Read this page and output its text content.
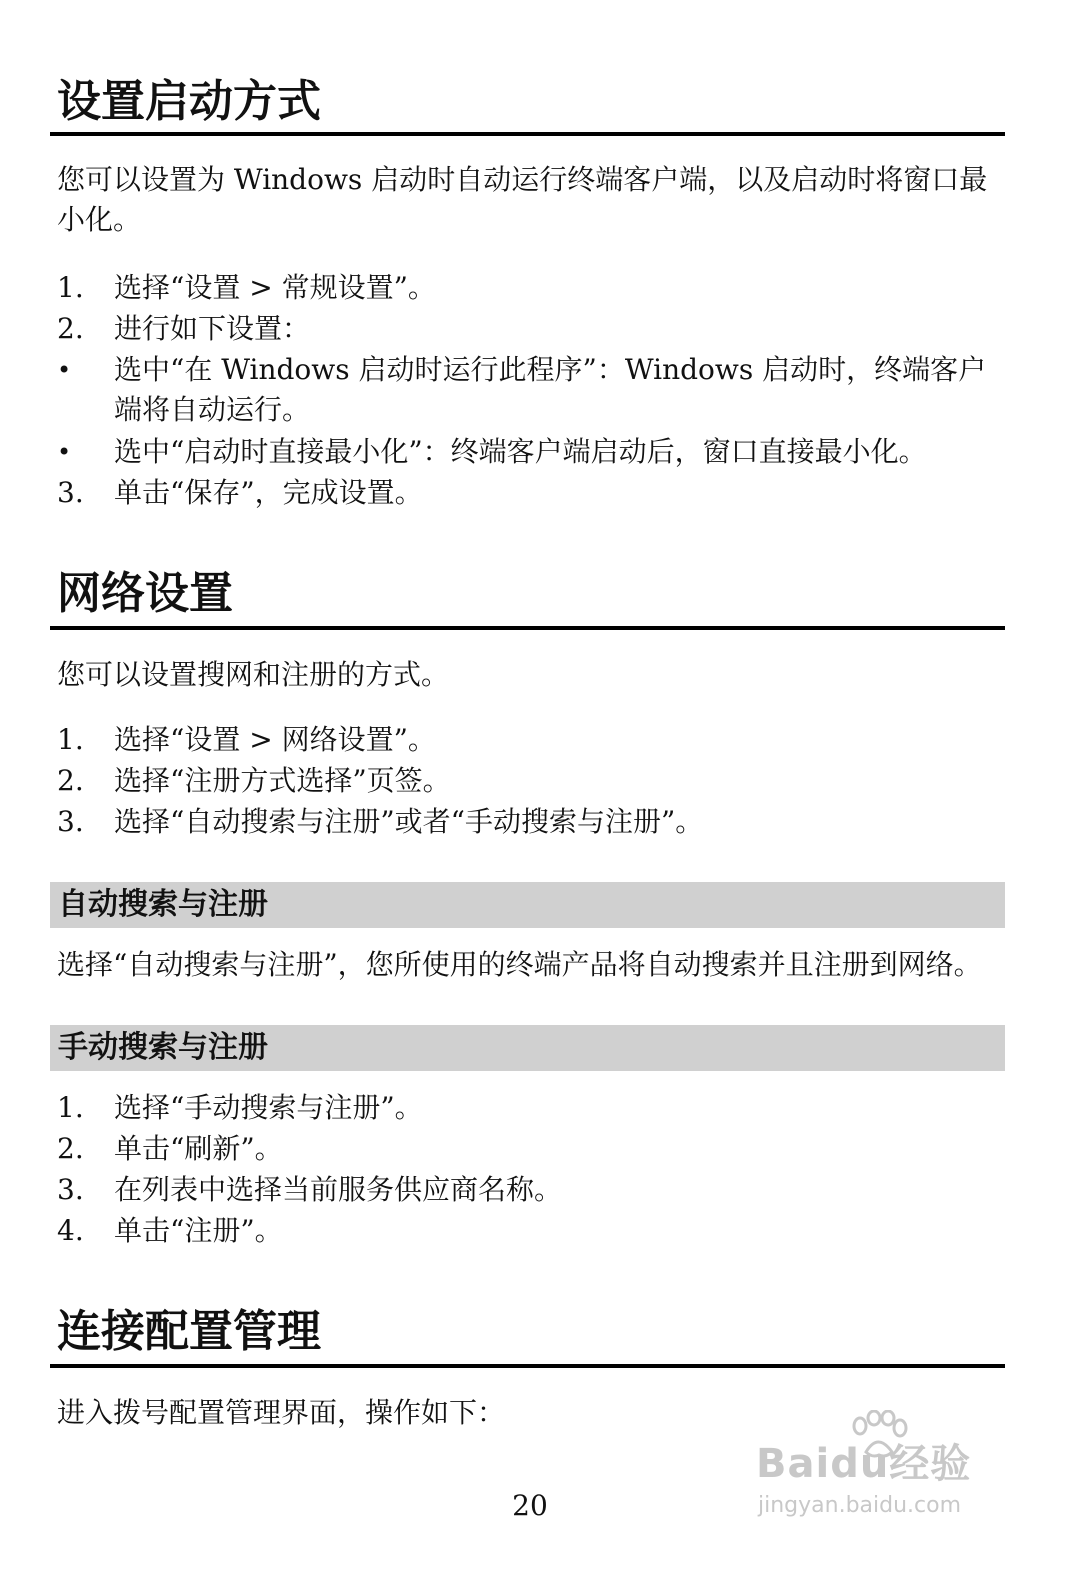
设置启动方式

您可以设置为 Windows 启动时自动运行终端客户端，以及启动时将窗口最小化。

1.	选择“设置 > 常规设置”。
2.	进行如下设置：
•	选中“在 Windows 启动时运行此程序”：Windows 启动时，终端客户端将自动运行。
•	选中“启动时直接最小化”：终端客户端启动后，窗口直接最小化。
3.	单击“保存”，完成设置。
网络设置

您可以设置搜网和注册的方式。

1.	选择“设置 > 网络设置”。
2.	选择“注册方式选择”页签。
3.	选择“自动搜索与注册”或者“手动搜索与注册”。
自动搜索与注册

选择“自动搜索与注册”，您所使用的终端产品将自动搜索并且注册到网络。

手动搜索与注册
1.	选择“手动搜索与注册”。
2.	单击“刷新”。
3.	在列表中选择当前服务供应商名称。
4.	单击“注册”。
连接配置管理

进入拨号配置管理界面，操作如下：

20
Baidu经验
jingyan.baidu.com
